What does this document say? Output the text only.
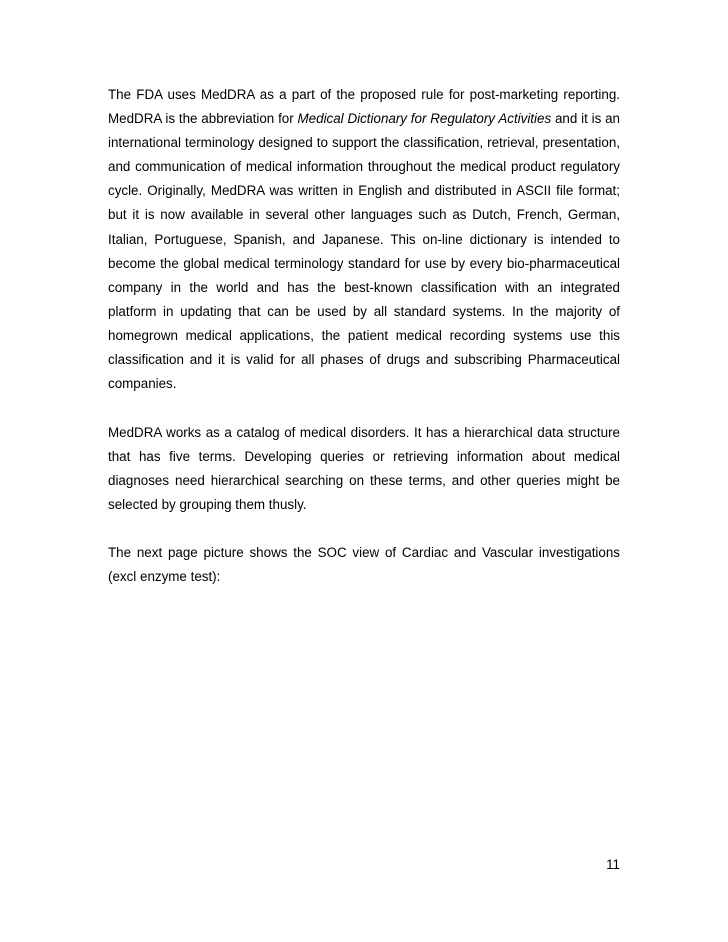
The FDA uses MedDRA as a part of the proposed rule for post-marketing reporting. MedDRA is the abbreviation for Medical Dictionary for Regulatory Activities and it is an international terminology designed to support the classification, retrieval, presentation, and communication of medical information throughout the medical product regulatory cycle. Originally, MedDRA was written in English and distributed in ASCII file format; but it is now available in several other languages such as Dutch, French, German, Italian, Portuguese, Spanish, and Japanese. This on-line dictionary is intended to become the global medical terminology standard for use by every bio-pharmaceutical company in the world and has the best-known classification with an integrated platform in updating that can be used by all standard systems. In the majority of homegrown medical applications, the patient medical recording systems use this classification and it is valid for all phases of drugs and subscribing Pharmaceutical companies.

MedDRA works as a catalog of medical disorders. It has a hierarchical data structure that has five terms. Developing queries or retrieving information about medical diagnoses need hierarchical searching on these terms, and other queries might be selected by grouping them thusly.

The next page picture shows the SOC view of Cardiac and Vascular investigations (excl enzyme test):

11
